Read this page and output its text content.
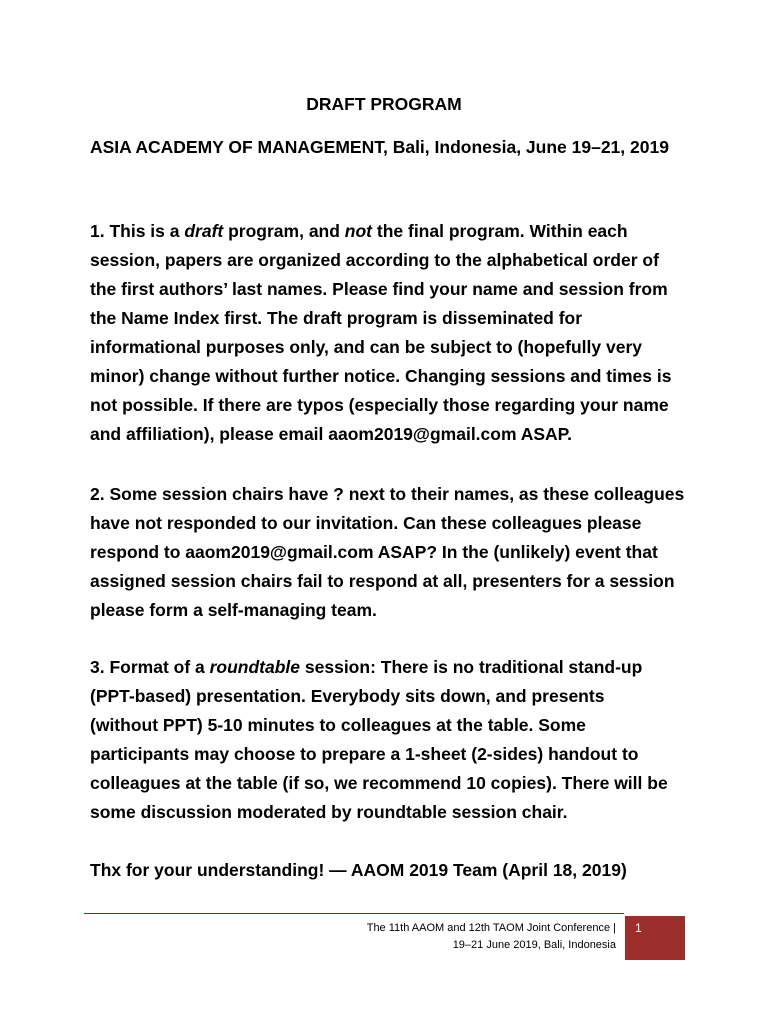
DRAFT PROGRAM
ASIA ACADEMY OF MANAGEMENT, Bali, Indonesia, June 19–21, 2019
1. This is a draft program, and not the final program. Within each
session, papers are organized according to the alphabetical order of
the first authors’ last names. Please find your name and session from
the Name Index first. The draft program is disseminated for
informational purposes only, and can be subject to (hopefully very
minor) change without further notice. Changing sessions and times is
not possible. If there are typos (especially those regarding your name
and affiliation), please email aaom2019@gmail.com ASAP.
2. Some session chairs have ? next to their names, as these colleagues
have not responded to our invitation. Can these colleagues please
respond to aaom2019@gmail.com ASAP? In the (unlikely) event that
assigned session chairs fail to respond at all, presenters for a session
please form a self-managing team.
3. Format of a roundtable session: There is no traditional stand-up
(PPT-based) presentation. Everybody sits down, and presents
(without PPT) 5-10 minutes to colleagues at the table. Some
participants may choose to prepare a 1-sheet (2-sides) handout to
colleagues at the table (if so, we recommend 10 copies). There will be
some discussion moderated by roundtable session chair.
Thx for your understanding! — AAOM 2019 Team (April 18, 2019)
The 11th AAOM and 12th TAOM Joint Conference |
19–21 June 2019, Bali, Indonesia
1
